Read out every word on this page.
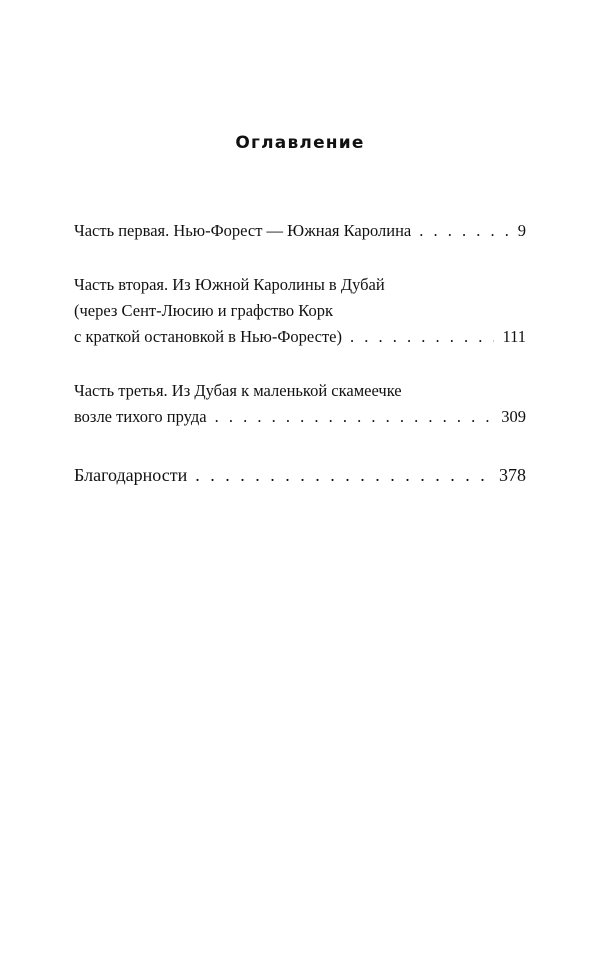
Оглавление
Часть первая. Нью-Форест — Южная Каролина . . .	9
Часть вторая. Из Южной Каролины в Дубай
(через Сент-Люсию и графство Корк
с краткой остановкой в Нью-Форесте) . . .	111
Часть третья. Из Дубая к маленькой скамеечке
возле тихого пруда . . .	309
Благодарности . . .	378
